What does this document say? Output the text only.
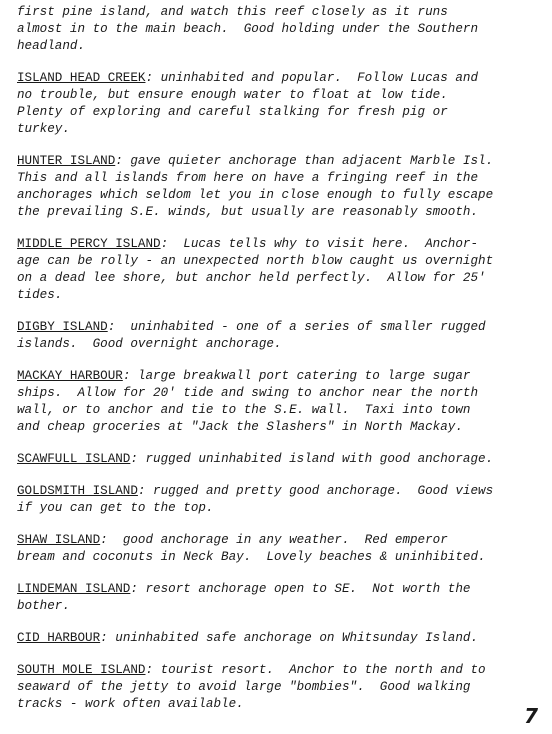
first pine island, and watch this reef closely as it runs
almost in to the main beach.  Good holding under the Southern
headland.

ISLAND HEAD CREEK: uninhabited and popular.  Follow Lucas and
no trouble, but ensure enough water to float at low tide.
Plenty of exploring and careful stalking for fresh pig or
turkey.

HUNTER ISLAND: gave quieter anchorage than adjacent Marble Isl.
This and all islands from here on have a fringing reef in the
anchorages which seldom let you in close enough to fully escape
the prevailing S.E. winds, but usually are reasonably smooth.

MIDDLE PERCY ISLAND:  Lucas tells why to visit here.  Anchor-
age can be rolly - an unexpected north blow caught us overnight
on a dead lee shore, but anchor held perfectly.  Allow for 25'
tides.

DIGBY ISLAND:  uninhabited - one of a series of smaller rugged
islands.  Good overnight anchorage.

MACKAY HARBOUR: large breakwall port catering to large sugar
ships.  Allow for 20' tide and swing to anchor near the north
wall, or to anchor and tie to the S.E. wall.  Taxi into town
and cheap groceries at "Jack the Slashers" in North Mackay.

SCAWFULL ISLAND: rugged uninhabited island with good anchorage.

GOLDSMITH ISLAND: rugged and pretty good anchorage.  Good views
if you can get to the top.

SHAW ISLAND:  good anchorage in any weather.  Red emperor
bream and coconuts in Neck Bay.  Lovely beaches & uninhibited.

LINDEMAN ISLAND: resort anchorage open to SE.  Not worth the
bother.

CID HARBOUR: uninhabited safe anchorage on Whitsunday Island.

SOUTH MOLE ISLAND: tourist resort.  Anchor to the north and to
seaward of the jetty to avoid large "bombies".  Good walking
tracks - work often available.	7
